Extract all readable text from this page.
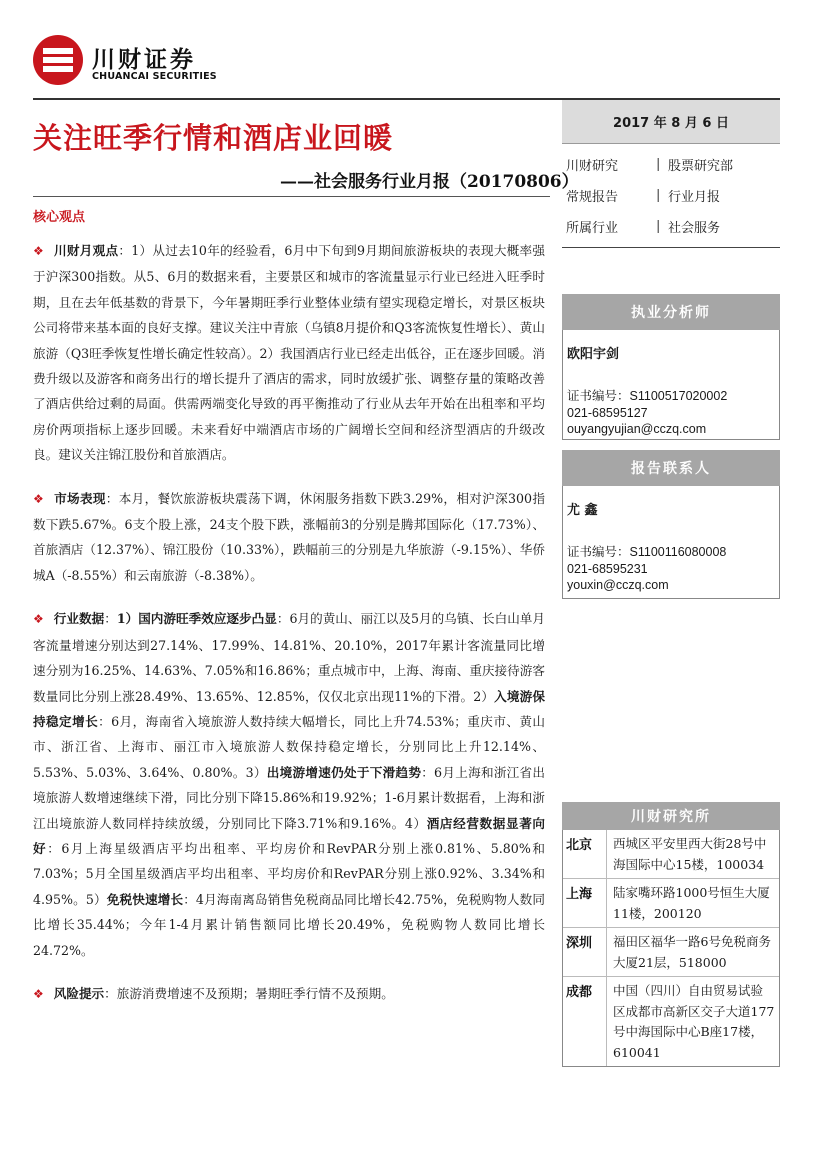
川财证券
CHUANCAI SECURITIES
关注旺季行情和酒店业回暖
——社会服务行业月报（20170806）
核心观点

❖ 川财月观点：1）从过去10年的经验看，6月中下旬到9月期间旅游板块的表现大概率强于沪深300指数。从5、6月的数据来看，主要景区和城市的客流量显示行业已经进入旺季时期，且在去年低基数的背景下，今年暑期旺季行业整体业绩有望实现稳定增长，对景区板块公司将带来基本面的良好支撑。建议关注中青旅（乌镇8月提价和Q3客流恢复性增长）、黄山旅游（Q3旺季恢复性增长确定性较高）。2）我国酒店行业已经走出低谷，正在逐步回暖。消费升级以及游客和商务出行的增长提升了酒店的需求，同时放缓扩张、调整存量的策略改善了酒店供给过剩的局面。供需两端变化导致的再平衡推动了行业从去年开始在出租率和平均房价两项指标上逐步回暖。未来看好中端酒店市场的广阔增长空间和经济型酒店的升级改良。建议关注锦江股份和首旅酒店。

❖ 市场表现：本月，餐饮旅游板块震荡下调，休闲服务指数下跌3.29%，相对沪深300指数下跌5.67%。6支个股上涨，24支个股下跌，涨幅前3的分别是腾邦国际化（17.73%）、首旅酒店（12.37%）、锦江股份（10.33%），跌幅前三的分别是九华旅游（-9.15%）、华侨城A（-8.55%）和云南旅游（-8.38%）。

❖ 行业数据：1）国内游旺季效应逐步凸显：6月的黄山、丽江以及5月的乌镇、长白山单月客流量增速分别达到27.14%、17.99%、14.81%、20.10%，2017年累计客流量同比增速分别为16.25%、14.63%、7.05%和16.86%；重点城市中，上海、海南、重庆接待游客数量同比分别上涨28.49%、13.65%、12.85%，仅仅北京出现11%的下滑。2）入境游保持稳定增长：6月，海南省入境旅游人数持续大幅增长，同比上升74.53%；重庆市、黄山市、浙江省、上海市、丽江市入境旅游人数保持稳定增长，分别同比上升12.14%、 5.53%、5.03%、3.64%、0.80%。3）出境游增速仍处于下滑趋势：6月上海和浙江省出境旅游人数增速继续下滑，同比分别下降15.86%和19.92%；1-6月累计数据看，上海和浙江出境旅游人数同样持续放缓，分别同比下降3.71%和9.16%。4）酒店经营数据显著向好：6月上海星级酒店平均出租率、平均房价和RevPAR分别上涨0.81%、5.80%和7.03%；5月全国星级酒店平均出租率、平均房价和RevPAR分别上涨0.92%、3.34%和4.95%。5）免税快速增长：4月海南离岛销售免税商品同比增长42.75%，免税购物人数同比增长35.44%；今年1-4月累计销售额同比增长20.49%，免税购物人数同比增长24.72%。

❖ 风险提示：旅游消费增速不及预期；暑期旺季行情不及预期。

2017 年 8 月 6 日
川财研究	| 股票研究部
常规报告	| 行业月报
所属行业	| 社会服务
执业分析师
欧阳宇剑
证书编号：S1100517020002
021-68595127
ouyangyujian@cczq.com
报告联系人
尤 鑫
证书编号：S1100116080008
021-68595231
youxin@cczq.com
川财研究所
北京	西城区平安里西大街28号中海国际中心15楼，100034
上海	陆家嘴环路1000号恒生大厦11楼，200120
深圳	福田区福华一路6号免税商务大厦21层，518000
成都	中国（四川）自由贸易试验区成都市高新区交子大道177号中海国际中心B座17楼，610041
